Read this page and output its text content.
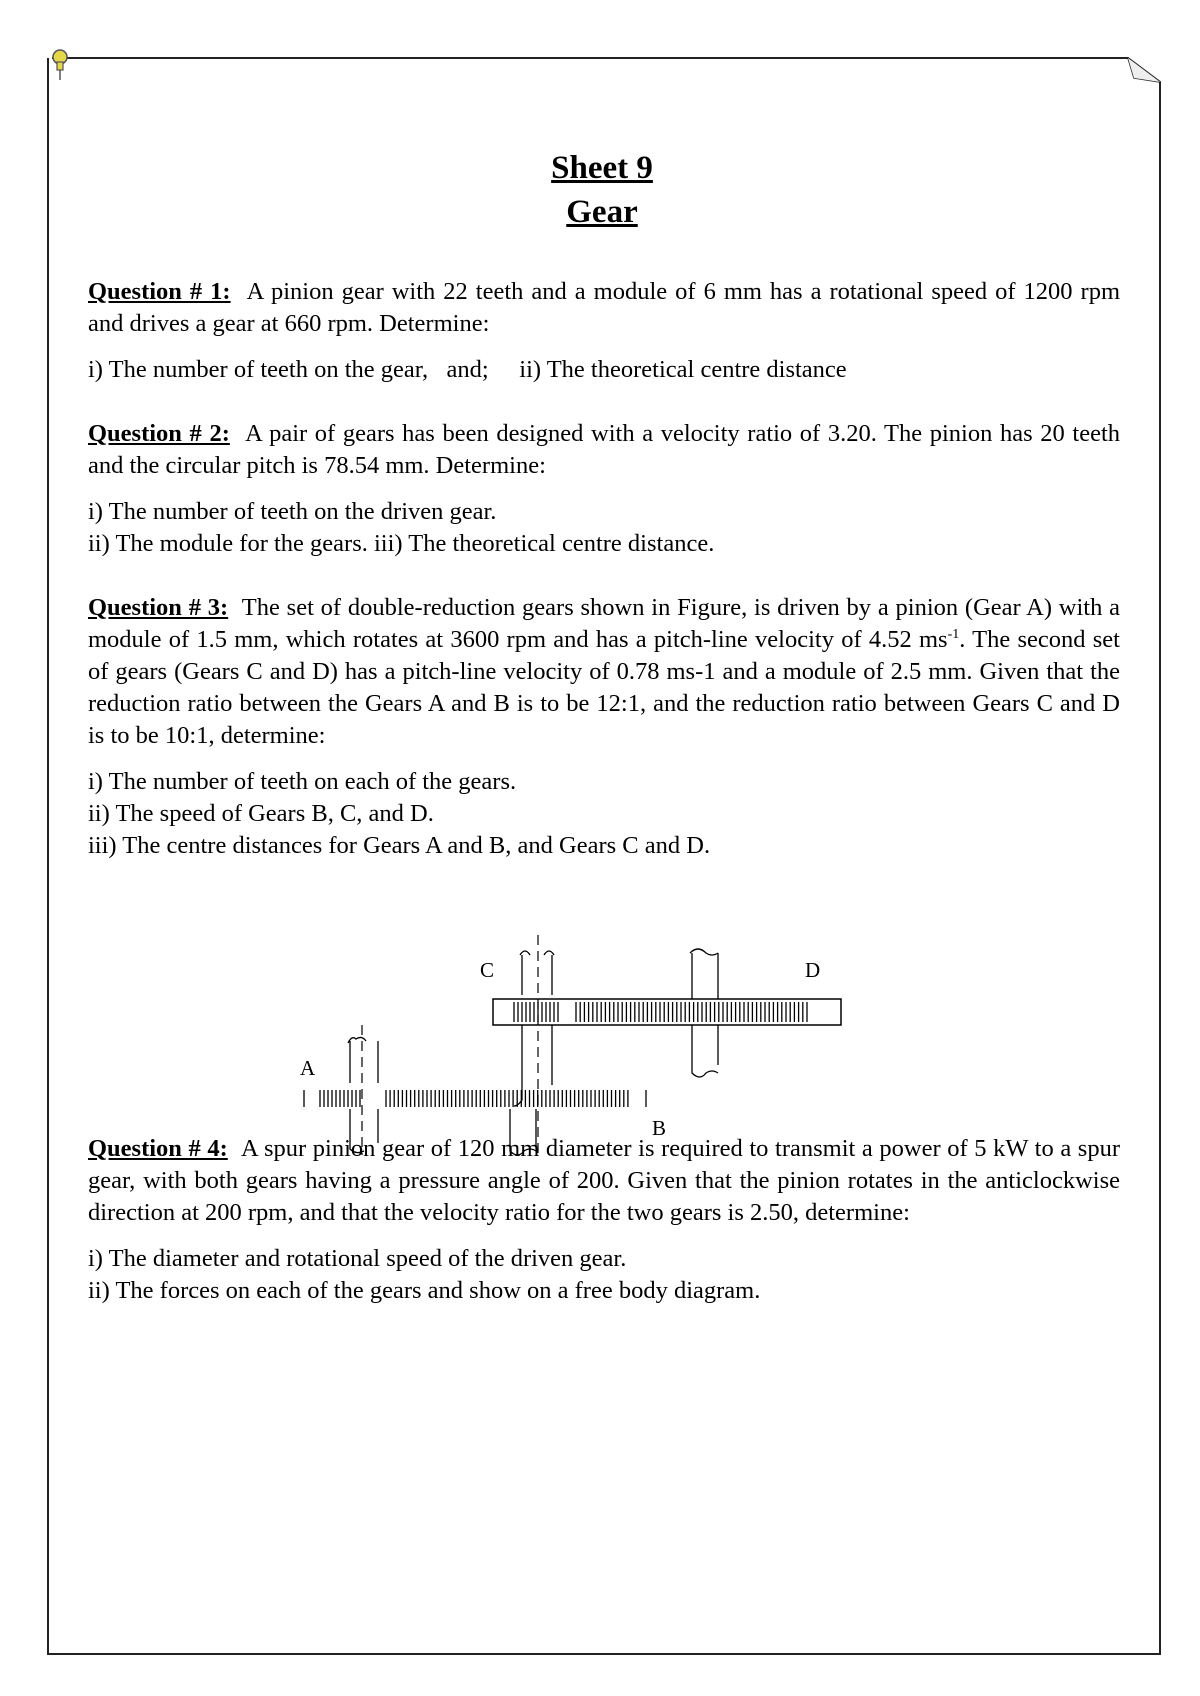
Sheet 9
Gear

Question # 1: A pinion gear with 22 teeth and a module of 6 mm has a rotational speed of 1200 rpm and drives a gear at 660 rpm. Determine:

i) The number of teeth on the gear,   and;     ii) The theoretical centre distance

Question # 2: A pair of gears has been designed with a velocity ratio of 3.20. The pinion has 20 teeth and the circular pitch is 78.54 mm. Determine:

i) The number of teeth on the driven gear.

ii) The module for the gears. iii) The theoretical centre distance.

Question # 3: The set of double-reduction gears shown in Figure, is driven by a pinion (Gear A) with a module of 1.5 mm, which rotates at 3600 rpm and has a pitch-line velocity of 4.52 $ms^{-1}$. The second set of gears (Gears C and D) has a pitch-line velocity of 0.78 ms-1 and a module of 2.5 mm. Given that the reduction ratio between the Gears A and B is to be 12:1, and the reduction ratio between Gears C and D is to be 10:1, determine:

i) The number of teeth on each of the gears.

ii) The speed of Gears B, C, and D.

iii) The centre distances for Gears A and B, and Gears C and D.

C	D
A
B

Question # 4: A spur pinion gear of 120 mm diameter is required to transmit a power of 5 kW to a spur gear, with both gears having a pressure angle of 200. Given that the pinion rotates in the anticlockwise direction at 200 rpm, and that the velocity ratio for the two gears is 2.50, determine:

i) The diameter and rotational speed of the driven gear.

ii) The forces on each of the gears and show on a free body diagram.
